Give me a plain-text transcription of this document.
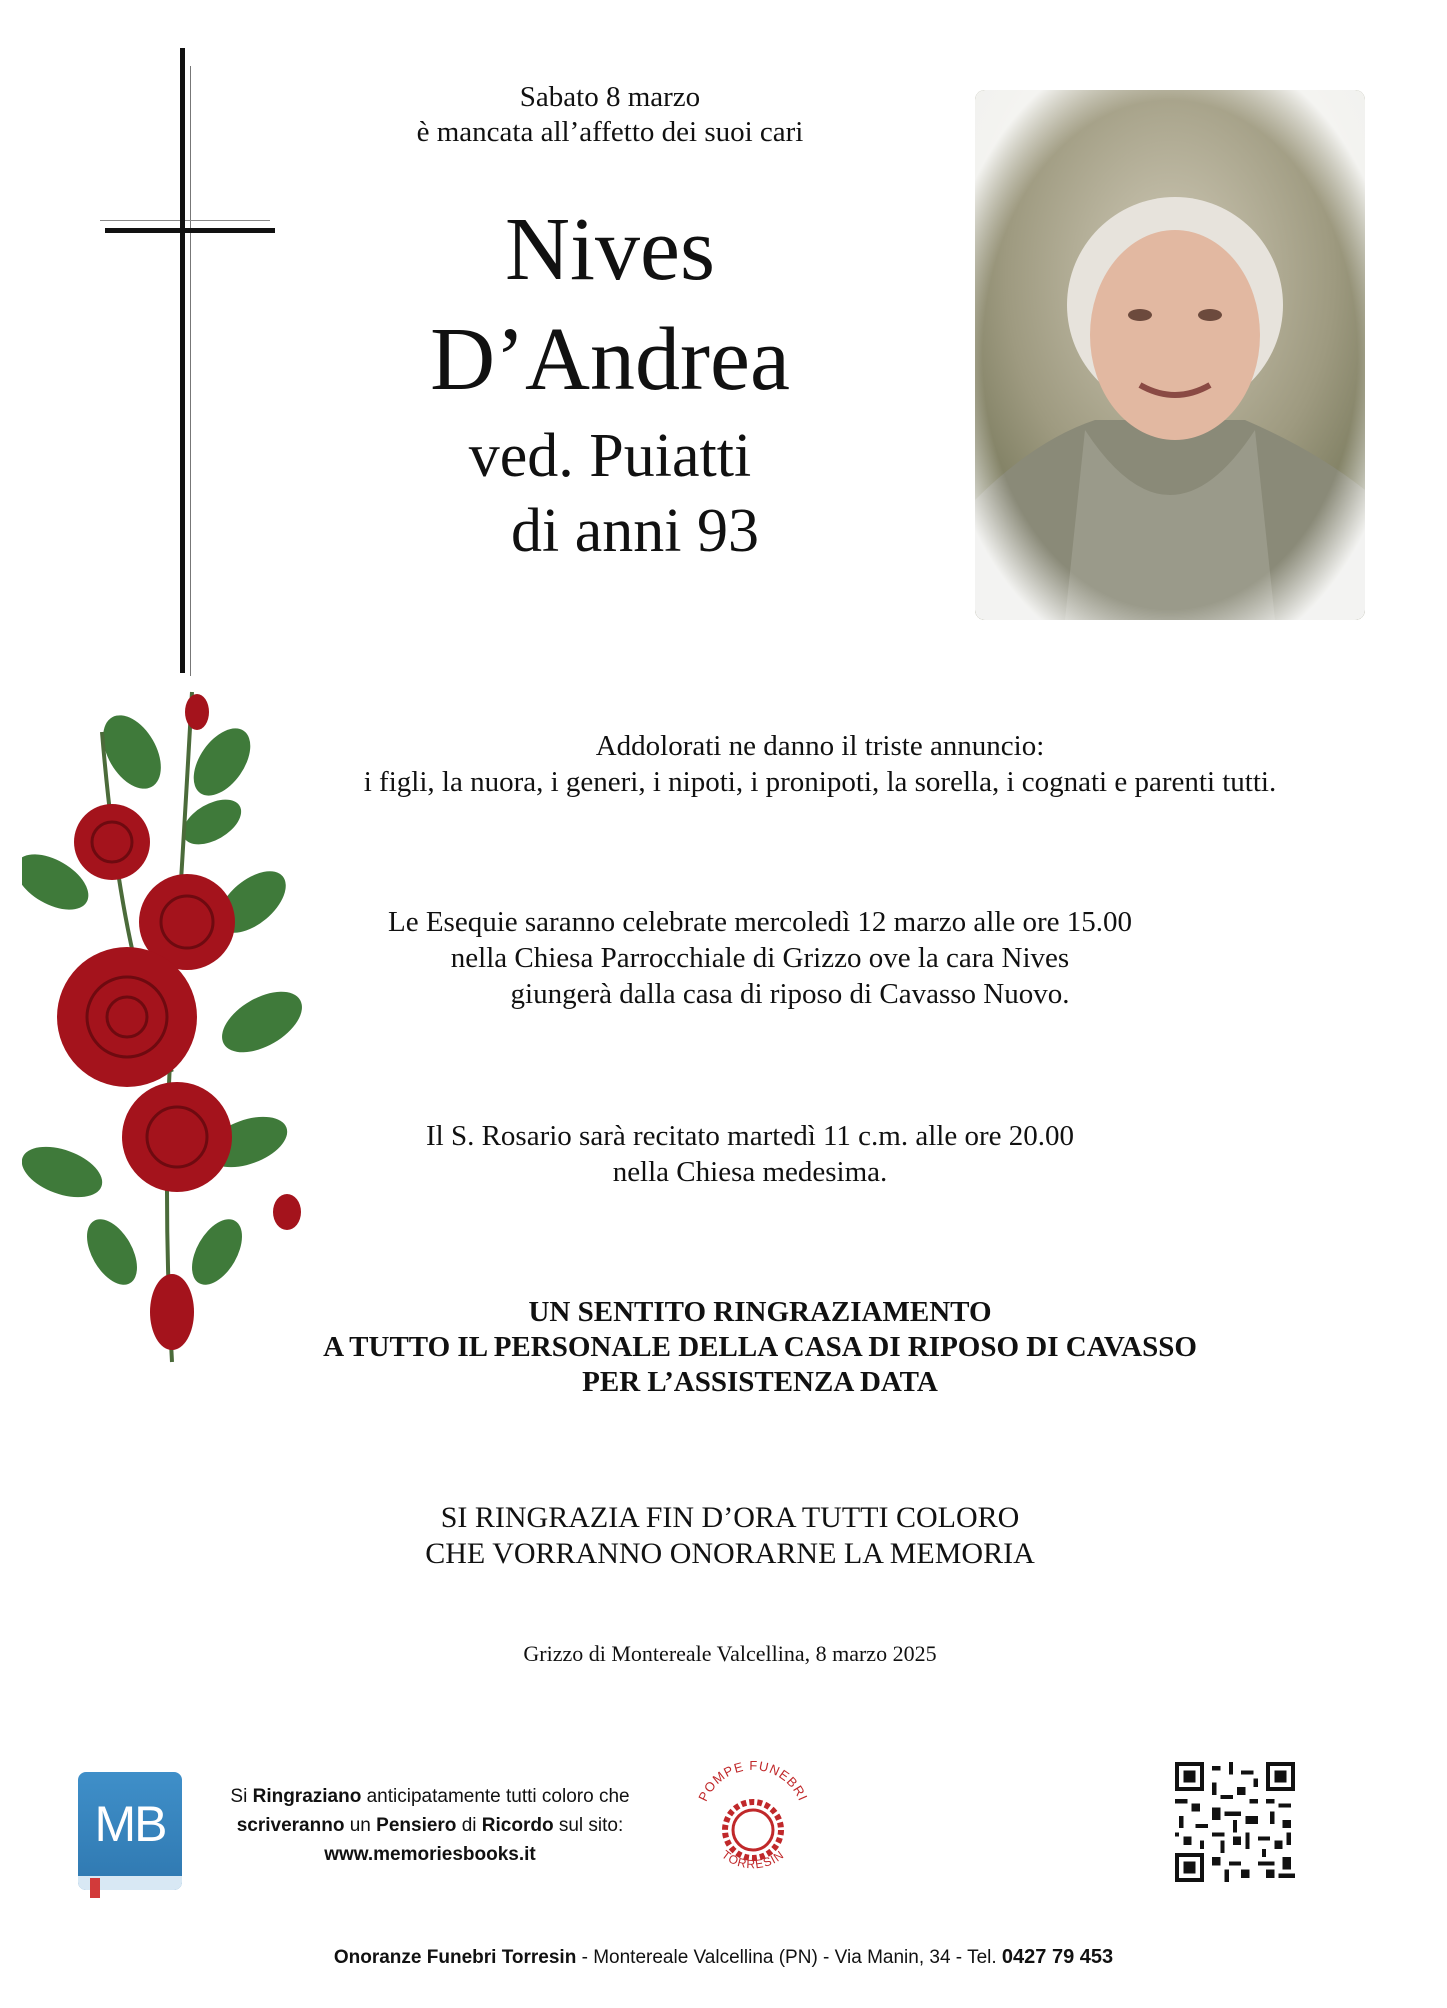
Sabato 8 marzo
è mancata all’affetto dei suoi cari
Nives
D’Andrea
ved. Puiatti
di anni 93
Addolorati ne danno il triste annuncio:
i figli, la nuora, i generi, i nipoti, i pronipoti, la sorella, i cognati e parenti tutti.
Le Esequie saranno celebrate mercoledì 12 marzo alle ore 15.00
nella Chiesa Parrocchiale di Grizzo ove la cara Nives
giungerà dalla casa di riposo di Cavasso Nuovo.
Il S. Rosario sarà recitato martedì 11 c.m. alle ore 20.00
nella Chiesa medesima.
UN SENTITO RINGRAZIAMENTO
A TUTTO IL PERSONALE DELLA CASA DI RIPOSO DI CAVASSO
PER L’ASSISTENZA DATA
SI RINGRAZIA FIN D’ORA TUTTI COLORO
CHE VORRANNO ONORARNE LA MEMORIA
Grizzo di Montereale Valcellina, 8 marzo 2025
MB	Si Ringraziano anticipatamente tutti coloro che
scriveranno un Pensiero di Ricordo sul sito:
www.memoriesbooks.it
POMPE FUNEBRI
TORRESIN
Onoranze Funebri Torresin - Montereale Valcellina (PN) - Via Manin, 34 - Tel. 0427 79 453
